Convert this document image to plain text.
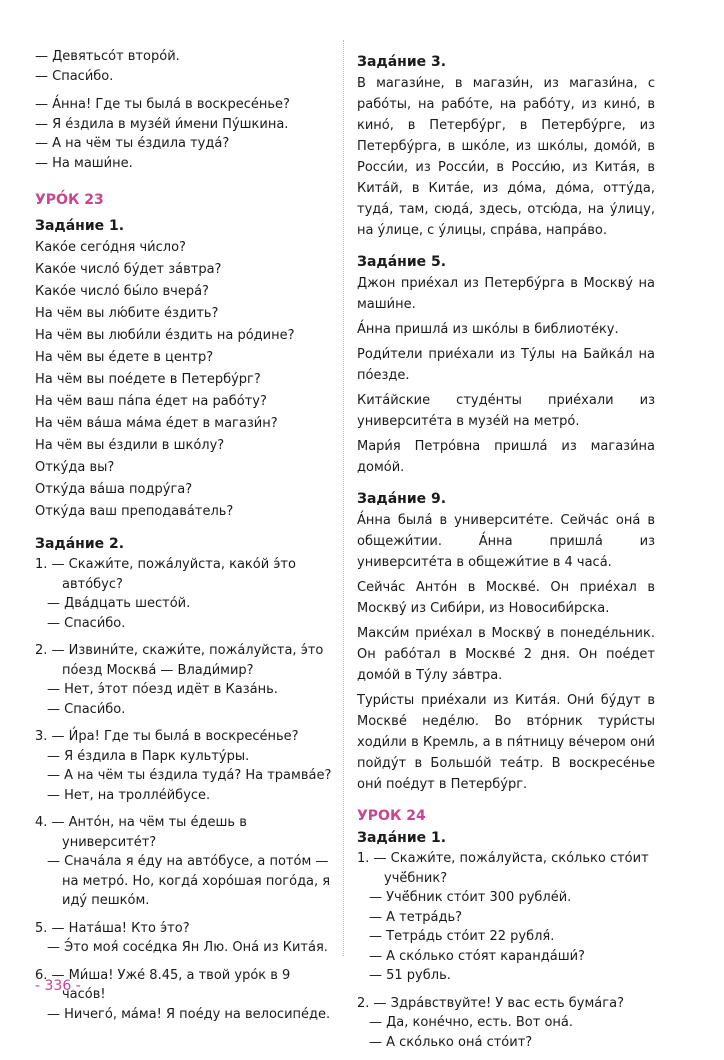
— Девятьсо́т второ́й.
— Спаси́бо.
— А́нна! Где ты была́ в воскресе́нье?
— Я е́здила в музе́й и́мени Пу́шкина.
— А на чём ты е́здила туда́?
— На маши́не.
УРО́К 23
Зада́ние 1.
Како́е сего́дня чи́сло?
Како́е число́ бу́дет за́втра?
Како́е число́ бы́ло вчера́?
На чём вы лю́бите е́здить?
На чём вы люби́ли е́здить на ро́дине?
На чём вы е́дете в центр?
На чём вы пое́дете в Петербу́рг?
На чём ваш па́па е́дет на рабо́ту?
На чём ва́ша ма́ма е́дет в магази́н?
На чём вы е́здили в шко́лу?
Отку́да вы?
Отку́да ва́ша подру́га?
Отку́да ваш преподава́тель?
Зада́ние 2.
1. — Скажи́те, пожа́луйста, како́й э́то авто́бус?
— Два́дцать шесто́й.
— Спаси́бо.
2. — Извини́те, скажи́те, пожа́луйста, э́то по́езд Москва́ — Влади́мир?
— Нет, э́тот по́езд идёт в Каза́нь.
— Спаси́бо.
3. — И́ра! Где ты была́ в воскресе́нье?
— Я е́здила в Парк культу́ры.
— А на чём ты е́здила туда́? На трамва́е?
— Нет, на тролле́йбусе.
4. — Анто́н, на чём ты е́дешь в университе́т?
— Снача́ла я е́ду на авто́бусе, а пото́м — на метро́. Но, когда́ хоро́шая пого́да, я иду́ пешко́м.
5. — Ната́ша! Кто э́то?
— Э́то моя́ сосе́дка Ян Лю. Она́ из Кита́я.
6. — Ми́ша! Уже́ 8.45, а твой уро́к в 9 часо́в!
— Ничего́, ма́ма! Я пое́ду на велосипе́де.
Зада́ние 3.
В магази́не, в магази́н, из магази́на, с рабо́ты, на рабо́те, на рабо́ту, из кино́, в кино́, в Петербу́рг, в Петербу́рге, из Петербу́рга, в шко́ле, из шко́лы, домо́й, в Росси́и, из Росси́и, в Росси́ю, из Кита́я, в Кита́й, в Кита́е, из до́ма, до́ма, отту́да, туда́, там, сюда́, здесь, отсю́да, на у́лицу, на у́лице, с у́лицы, спра́ва, напра́во.
Зада́ние 5.
Джон прие́хал из Петербу́рга в Москву́ на маши́не.
А́нна пришла́ из шко́лы в библиоте́ку.
Роди́тели прие́хали из Ту́лы на Байка́л на по́езде.
Кита́йские студе́нты прие́хали из университе́та в музе́й на метро́.
Мари́я Петро́вна пришла́ из магази́на домо́й.
Зада́ние 9.
А́нна была́ в университе́те. Сейча́с она́ в общежи́тии. А́нна пришла́ из университе́та в общежи́тие в 4 часа́.
Сейча́с Анто́н в Москве́. Он прие́хал в Москву́ из Сиби́ри, из Новосиби́рска.
Макси́м прие́хал в Москву́ в понеде́льник. Он рабо́тал в Москве́ 2 дня. Он пое́дет домо́й в Ту́лу за́втра.
Тури́сты прие́хали из Кита́я. Они́ бу́дут в Москве́ неде́лю. Во вто́рник тури́сты ходи́ли в Кремль, а в пя́тницу ве́чером они́ пойду́т в Большо́й теа́тр. В воскресе́нье они́ пое́дут в Петербу́рг.
УРОК 24
Зада́ние 1.
1. — Скажи́те, пожа́луйста, ско́лько сто́ит учё́бник?
— Учё́бник сто́ит 300 рубле́й.
— А тетра́дь?
— Тетра́дь сто́ит 22 рубля́.
— А ско́лько сто́ят каранда́ши́?
— 51 рубль.
2. — Здра́вствуйте! У вас есть бума́га?
— Да, коне́чно, есть. Вот она́.
— А ско́лько она́ сто́ит?
- 336 -
